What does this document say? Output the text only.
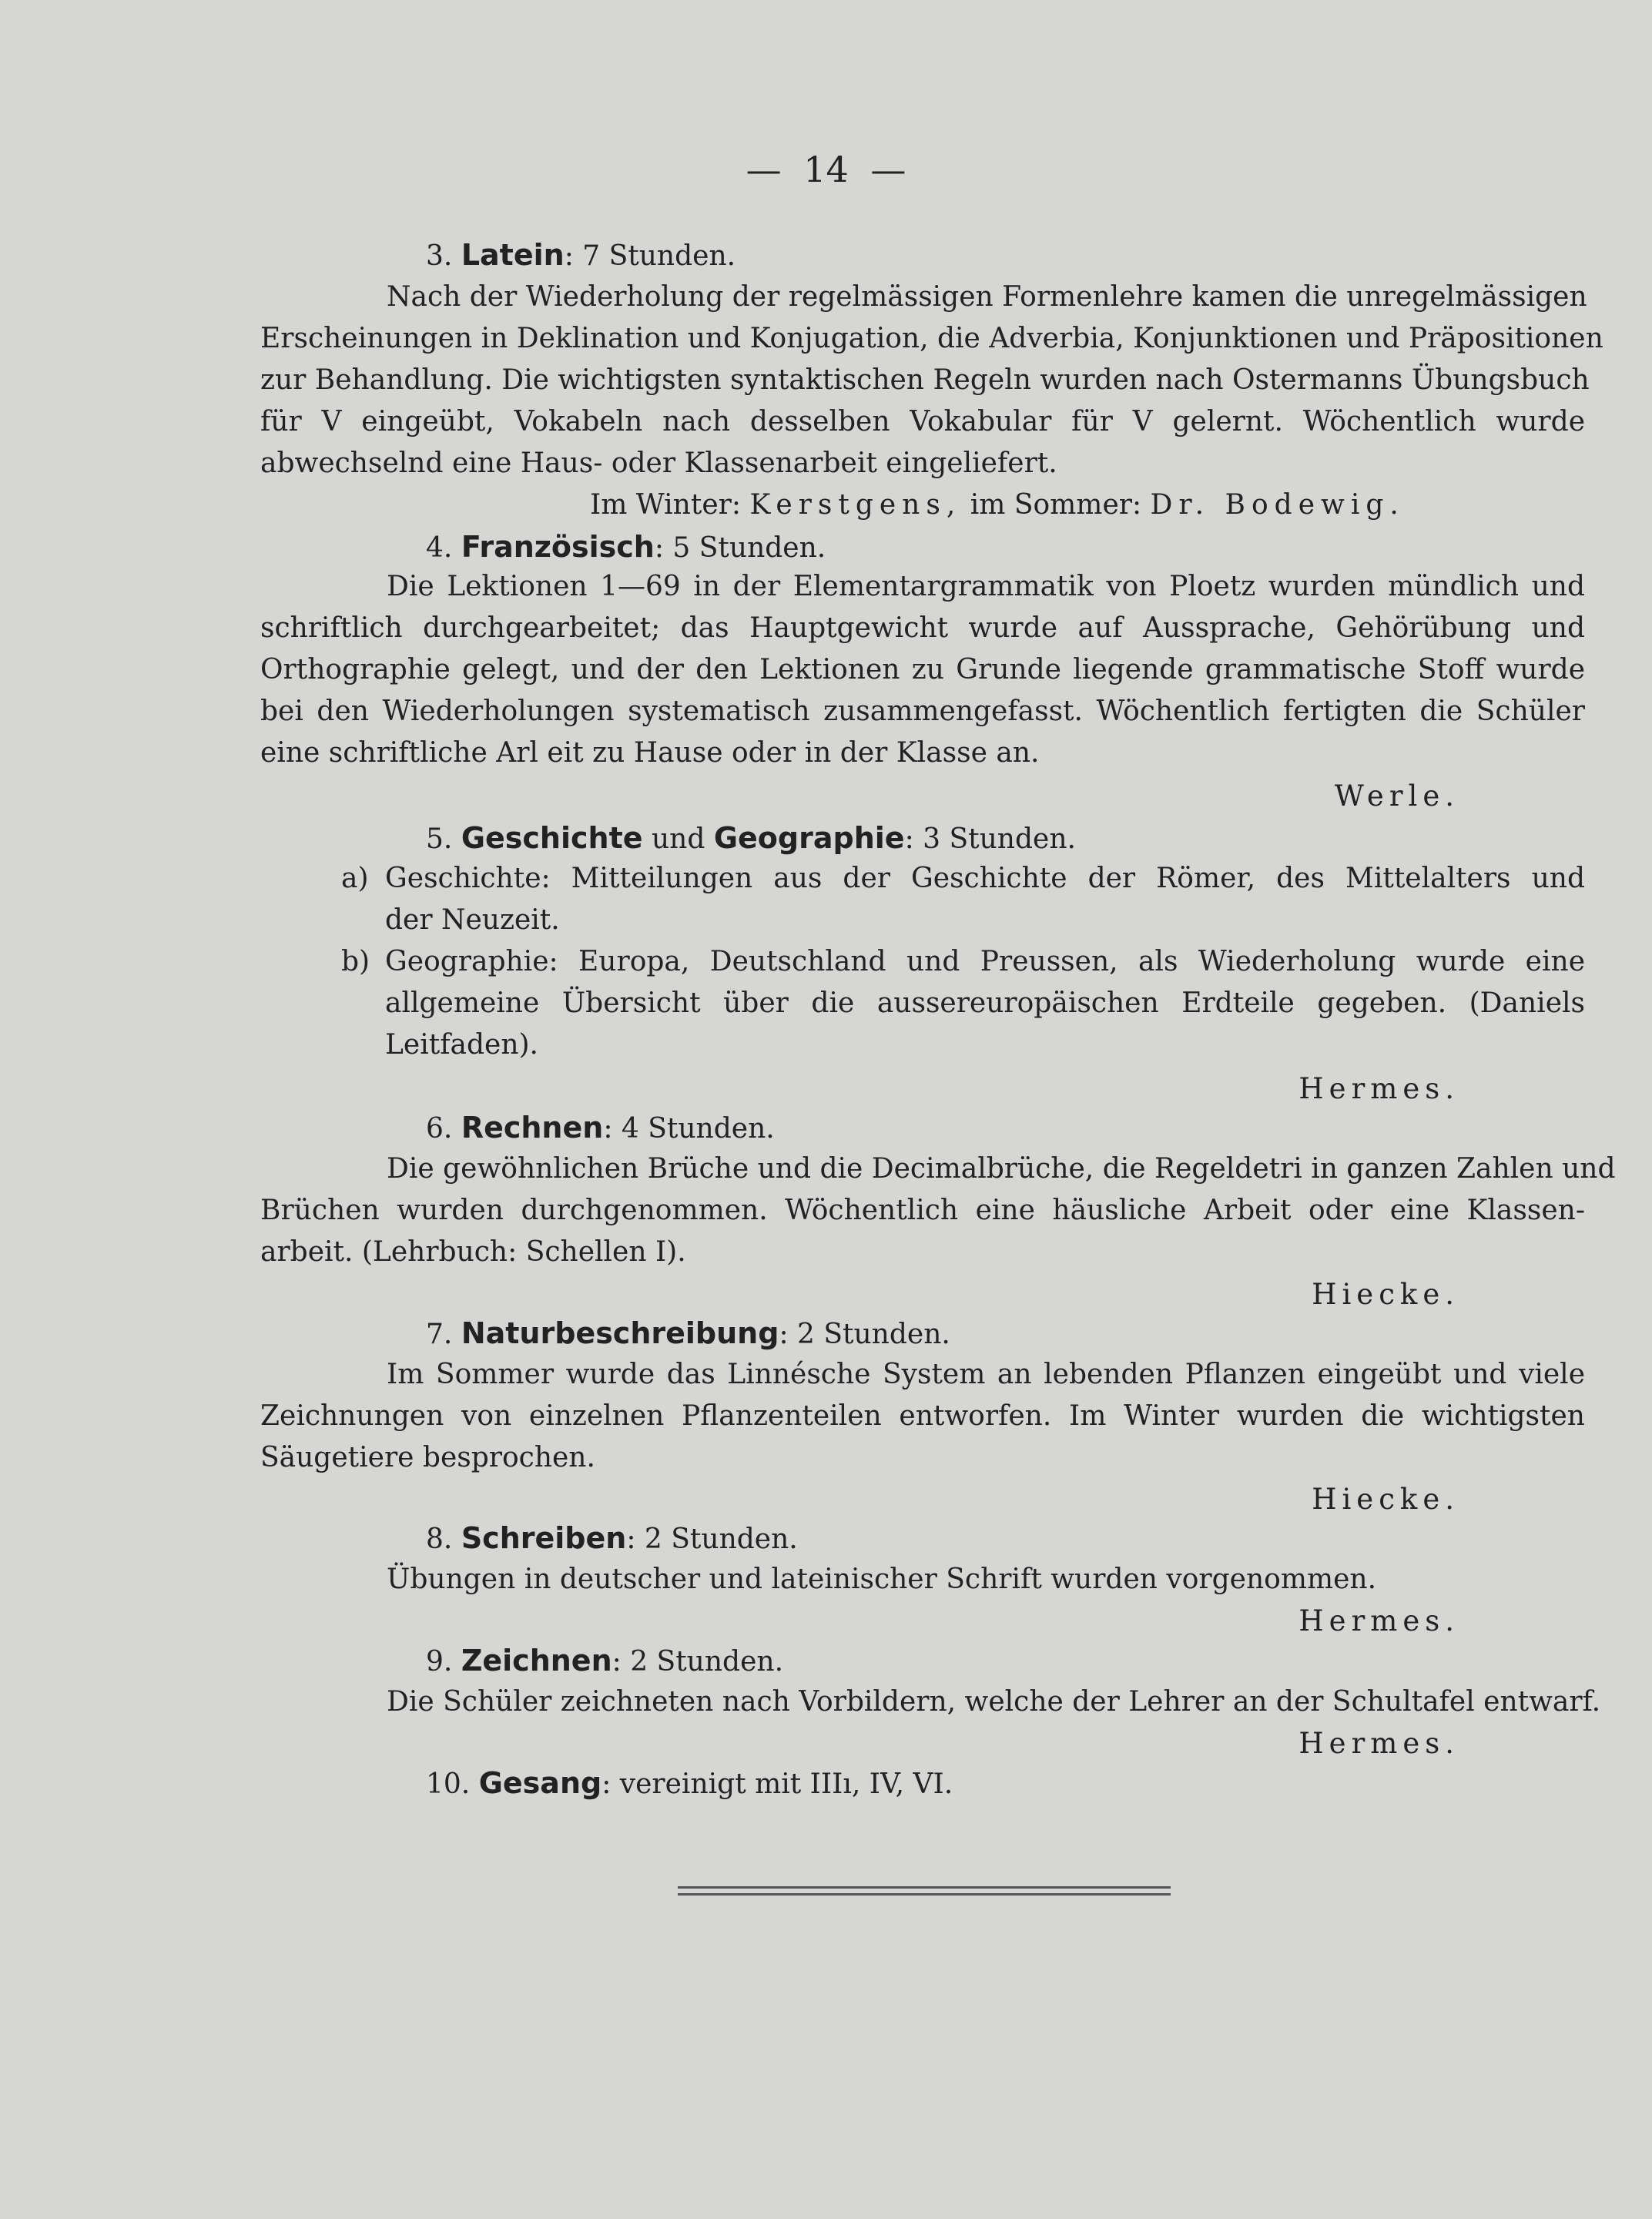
— 14 —
3. Latein: 7 Stunden.
Nach der Wiederholung der regelmässigen Formenlehre kamen die unregelmässigen
Erscheinungen in Deklination und Konjugation, die Adverbia, Konjunktionen und Präpositionen
zur Behandlung. Die wichtigsten syntaktischen Regeln wurden nach Ostermanns Übungsbuch
für V eingeübt, Vokabeln nach desselben Vokabular für V gelernt. Wöchentlich wurde
abwechselnd eine Haus- oder Klassenarbeit eingeliefert.
Im Winter: Kerstgens, im Sommer: Dr. Bodewig.
4. Französisch: 5 Stunden.
Die Lektionen 1—69 in der Elementargrammatik von Ploetz wurden mündlich und
schriftlich durchgearbeitet; das Hauptgewicht wurde auf Aussprache, Gehörübung und
Orthographie gelegt, und der den Lektionen zu Grunde liegende grammatische Stoff wurde
bei den Wiederholungen systematisch zusammengefasst. Wöchentlich fertigten die Schüler
eine schriftliche Arl eit zu Hause oder in der Klasse an.
Werle.
5. Geschichte und Geographie: 3 Stunden.
a) Geschichte: Mitteilungen aus der Geschichte der Römer, des Mittelalters und
der Neuzeit.
b) Geographie: Europa, Deutschland und Preussen, als Wiederholung wurde eine
allgemeine Übersicht über die aussereuropäischen Erdteile gegeben. (Daniels
Leitfaden).
Hermes.
6. Rechnen: 4 Stunden.
Die gewöhnlichen Brüche und die Decimalbrüche, die Regeldetri in ganzen Zahlen und
Brüchen wurden durchgenommen. Wöchentlich eine häusliche Arbeit oder eine Klassen-
arbeit. (Lehrbuch: Schellen I).
Hiecke.
7. Naturbeschreibung: 2 Stunden.
Im Sommer wurde das Linnésche System an lebenden Pflanzen eingeübt und viele
Zeichnungen von einzelnen Pflanzenteilen entworfen. Im Winter wurden die wichtigsten
Säugetiere besprochen.
Hiecke.
8. Schreiben: 2 Stunden.
Übungen in deutscher und lateinischer Schrift wurden vorgenommen.
Hermes.
9. Zeichnen: 2 Stunden.
Die Schüler zeichneten nach Vorbildern, welche der Lehrer an der Schultafel entwarf.
Hermes.
10. Gesang: vereinigt mit IIIı, IV, VI.
